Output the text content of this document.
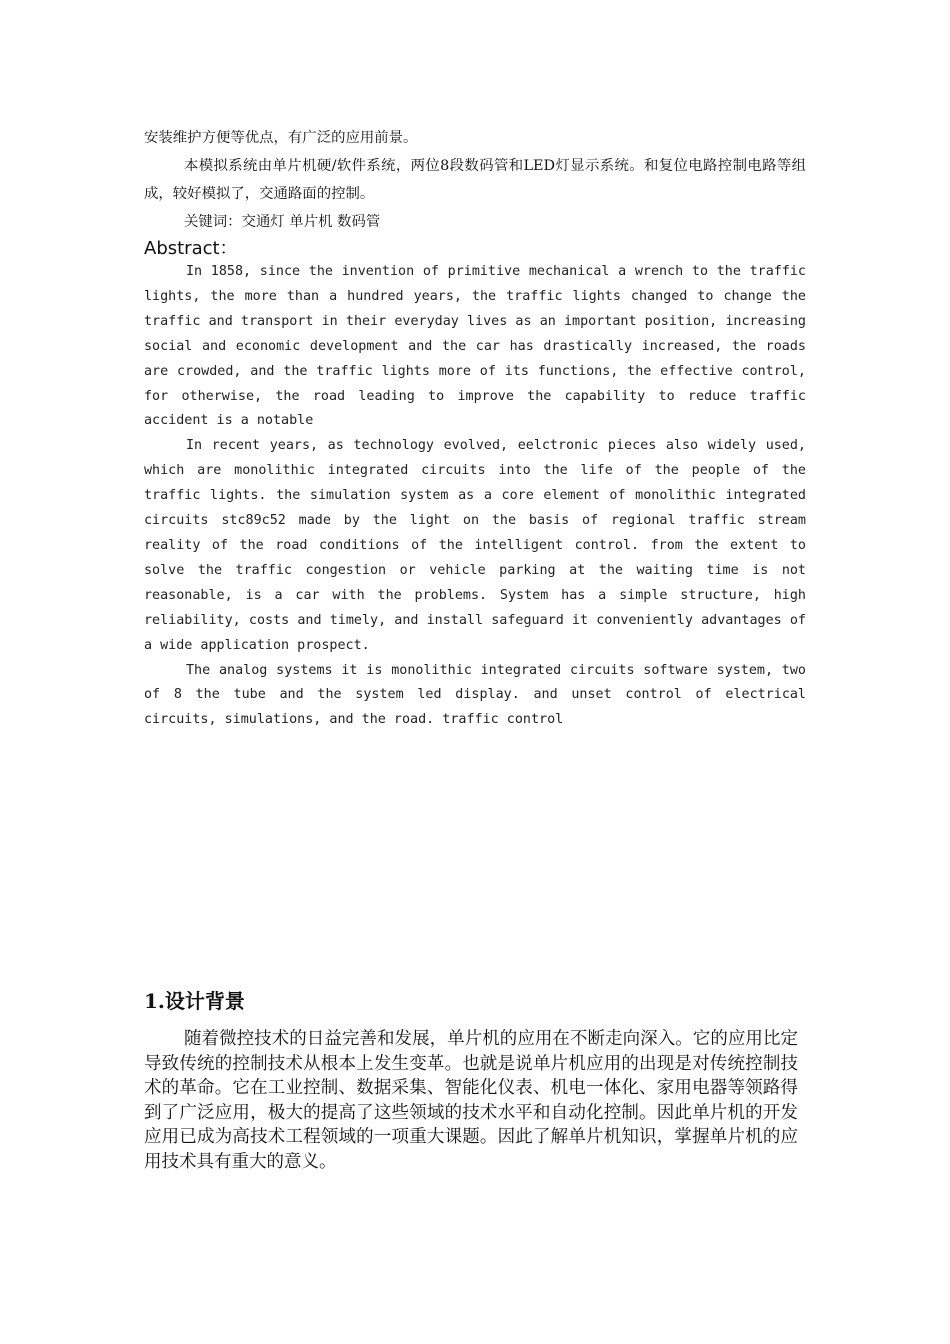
安装维护方便等优点，有广泛的应用前景。

本模拟系统由单片机硬/软件系统，两位8段数码管和LED灯显示系统。和复位电路控制电路等组成，较好模拟了，交通路面的控制。

关键词：交通灯 单片机 数码管

Abstract：

In 1858, since the invention of primitive mechanical a wrench to the traffic lights, the more than a hundred years, the traffic lights changed to change the traffic and transport in their everyday lives as an important position, increasing social and economic development and the car has drastically increased, the roads are crowded, and the traffic lights more of its functions, the effective control, for otherwise, the road leading to improve the capability to reduce traffic accident is a notable

In recent years, as technology evolved, eelctronic pieces also widely used, which are monolithic integrated circuits into the life of the people of the traffic lights. the simulation system as a core element of monolithic integrated circuits stc89c52 made by the light on the basis of regional traffic stream reality of the road conditions of the intelligent control. from the extent to solve the traffic congestion or vehicle parking at the waiting time is not reasonable, is a car with the problems. System has a simple structure, high reliability, costs and timely, and install safeguard it conveniently advantages of a wide application prospect.

The analog systems it is monolithic integrated circuits software system, two of 8 the tube and the system led display. and unset control of electrical circuits, simulations, and the road. traffic control

1.设计背景

随着微控技术的日益完善和发展，单片机的应用在不断走向深入。它的应用比定导致传统的控制技术从根本上发生变革。也就是说单片机应用的出现是对传统控制技术的革命。它在工业控制、数据采集、智能化仪表、机电一体化、家用电器等领路得到了广泛应用，极大的提高了这些领域的技术水平和自动化控制。因此单片机的开发应用已成为高技术工程领域的一项重大课题。因此了解单片机知识，掌握单片机的应用技术具有重大的意义。
